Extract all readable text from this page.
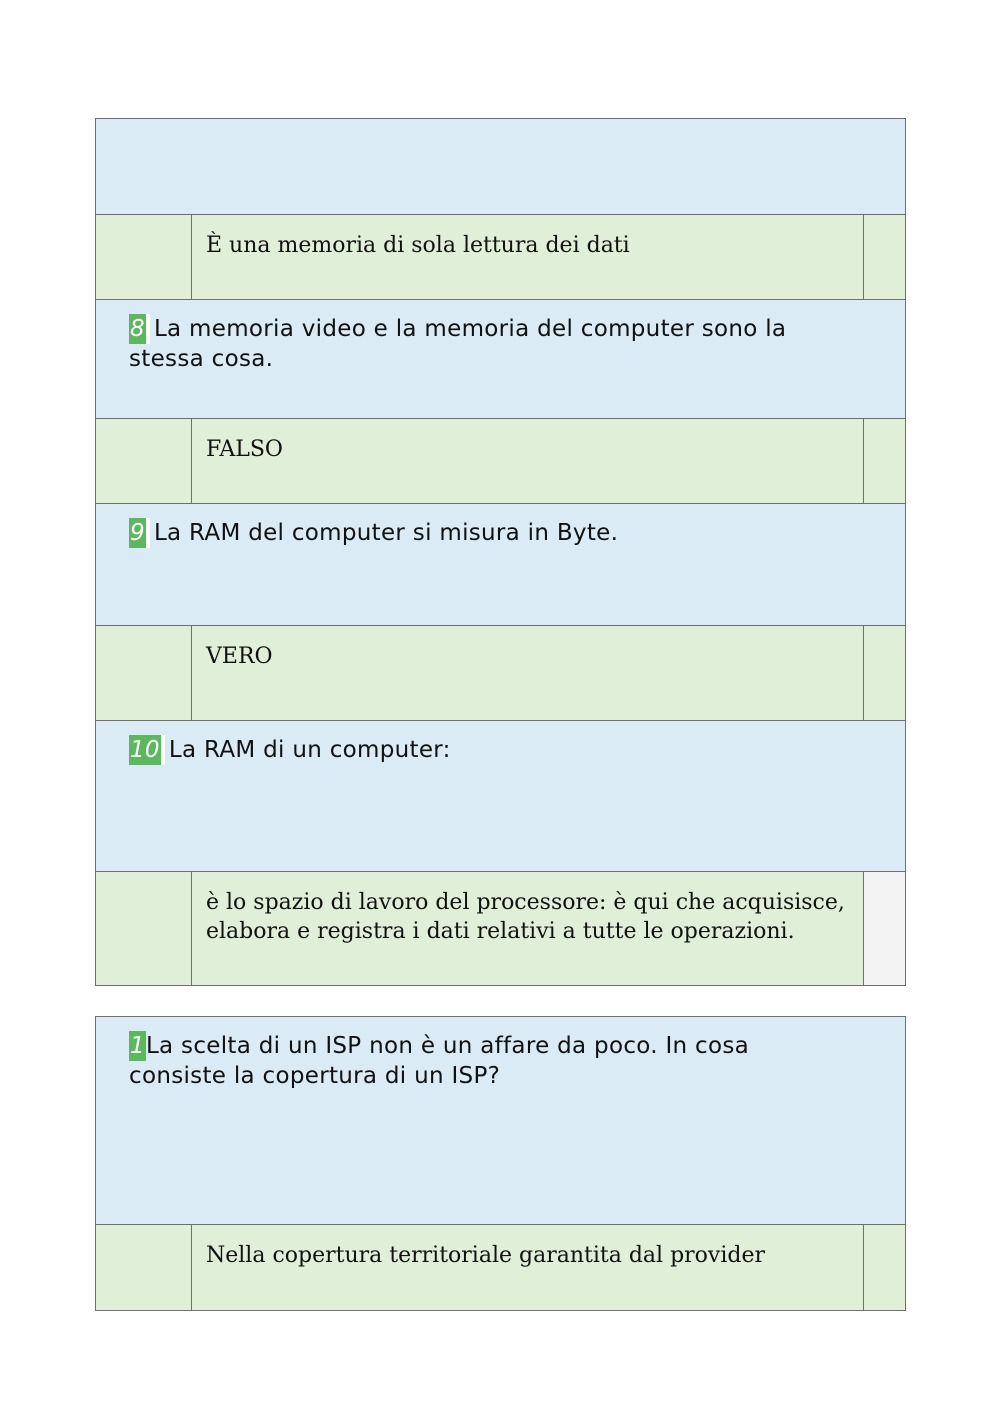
È una memoria di sola lettura dei dati
8 La memoria video e la memoria del computer sono la stessa cosa.
FALSO
9 La RAM del computer si misura in Byte.
VERO
10 La RAM di un computer:
è lo spazio di lavoro del processore: è qui che acquisisce, elabora e registra i dati relativi a tutte le operazioni.
1La scelta di un ISP non è un affare da poco. In cosa consiste la copertura di un ISP?
Nella copertura territoriale garantita dal provider
